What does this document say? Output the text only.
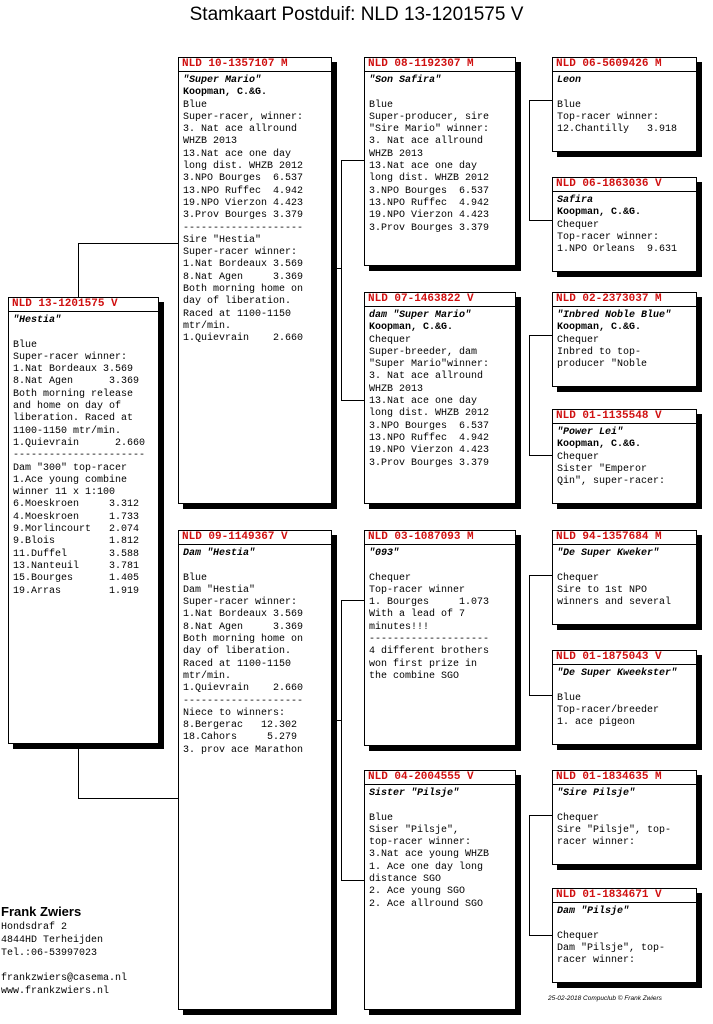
Stamkaart Postduif: NLD 13-1201575 V
NLD 13-1201575 V
"Hestia"
Blue
Super-racer winner:
1.Nat Bordeaux 3.569
8.Nat Agen      3.369
Both morning release
and home on day of
liberation. Raced at
1100-1150 mtr/min.
1.Quievrain      2.660
----------------------
Dam "300" top-racer
1.Ace young combine
winner 11 x 1:100
6.Moeskroen     3.312
4.Moeskroen     1.733
9.Morlincourt   2.074
9.Blois         1.812
11.Duffel       3.588
13.Nanteuil     3.781
15.Bourges      1.405
19.Arras        1.919
NLD 10-1357107 M
"Super Mario"
Koopman, C.&G.
Blue
Super-racer, winner:
3. Nat ace allround
WHZB 2013
13.Nat ace one day
long dist. WHZB 2012
3.NPO Bourges  6.537
13.NPO Ruffec  4.942
19.NPO Vierzon 4.423
3.Prov Bourges 3.379
--------------------
Sire "Hestia"
Super-racer winner:
1.Nat Bordeaux 3.569
8.Nat Agen     3.369
Both morning home on
day of liberation.
Raced at 1100-1150
mtr/min.
1.Quievrain    2.660
NLD 09-1149367 V
Dam "Hestia"
Blue
Dam "Hestia"
Super-racer winner:
1.Nat Bordeaux 3.569
8.Nat Agen     3.369
Both morning home on
day of liberation.
Raced at 1100-1150
mtr/min.
1.Quievrain    2.660
--------------------
Niece to winners:
8.Bergerac   12.302
18.Cahors     5.279
3. prov ace Marathon
NLD 08-1192307 M
"Son Safira"
Blue
Super-producer, sire
"Sire Mario" winner:
3. Nat ace allround
WHZB 2013
13.Nat ace one day
long dist. WHZB 2012
3.NPO Bourges  6.537
13.NPO Ruffec  4.942
19.NPO Vierzon 4.423
3.Prov Bourges 3.379
NLD 07-1463822 V
dam "Super Mario"
Koopman, C.&G.
Chequer
Super-breeder, dam
"Super Mario"winner:
3. Nat ace allround
WHZB 2013
13.Nat ace one day
long dist. WHZB 2012
3.NPO Bourges  6.537
13.NPO Ruffec  4.942
19.NPO Vierzon 4.423
3.Prov Bourges 3.379
NLD 03-1087093 M
"093"
Chequer
Top-racer winner
1. Bourges     1.073
With a lead of 7
minutes!!!
--------------------
4 different brothers
won first prize in
the combine SGO
NLD 04-2004555 V
Sister "Pilsje"
Blue
Siser "Pilsje",
top-racer winner:
3.Nat ace young WHZB
1. Ace one day long
distance SGO
2. Ace young SGO
2. Ace allround SGO
NLD 06-5609426 M
Leon
Blue
Top-racer winner:
12.Chantilly   3.918
NLD 06-1863036 V
Safira
Koopman, C.&G.
Chequer
Top-racer winner:
1.NPO Orleans  9.631
NLD 02-2373037 M
"Inbred Noble Blue"
Koopman, C.&G.
Chequer
Inbred to top-
producer "Noble
NLD 01-1135548 V
"Power Lei"
Koopman, C.&G.
Chequer
Sister "Emperor
Qin", super-racer:
NLD 94-1357684 M
"De Super Kweker"
Chequer
Sire to 1st NPO
winners and several
NLD 01-1875043 V
"De Super Kweekster"
Blue
Top-racer/breeder
1. ace pigeon
NLD 01-1834635 M
"Sire Pilsje"
Chequer
Sire "Pilsje", top-
racer winner:
NLD 01-1834671 V
Dam "Pilsje"
Chequer
Dam "Pilsje", top-
racer winner:
Frank Zwiers
Hondsdraf 2
4844HD Terheijden
Tel.:06-53997023
frankzwiers@casema.nl
www.frankzwiers.nl
25-02-2018 Compuclub © Frank Zwiers
